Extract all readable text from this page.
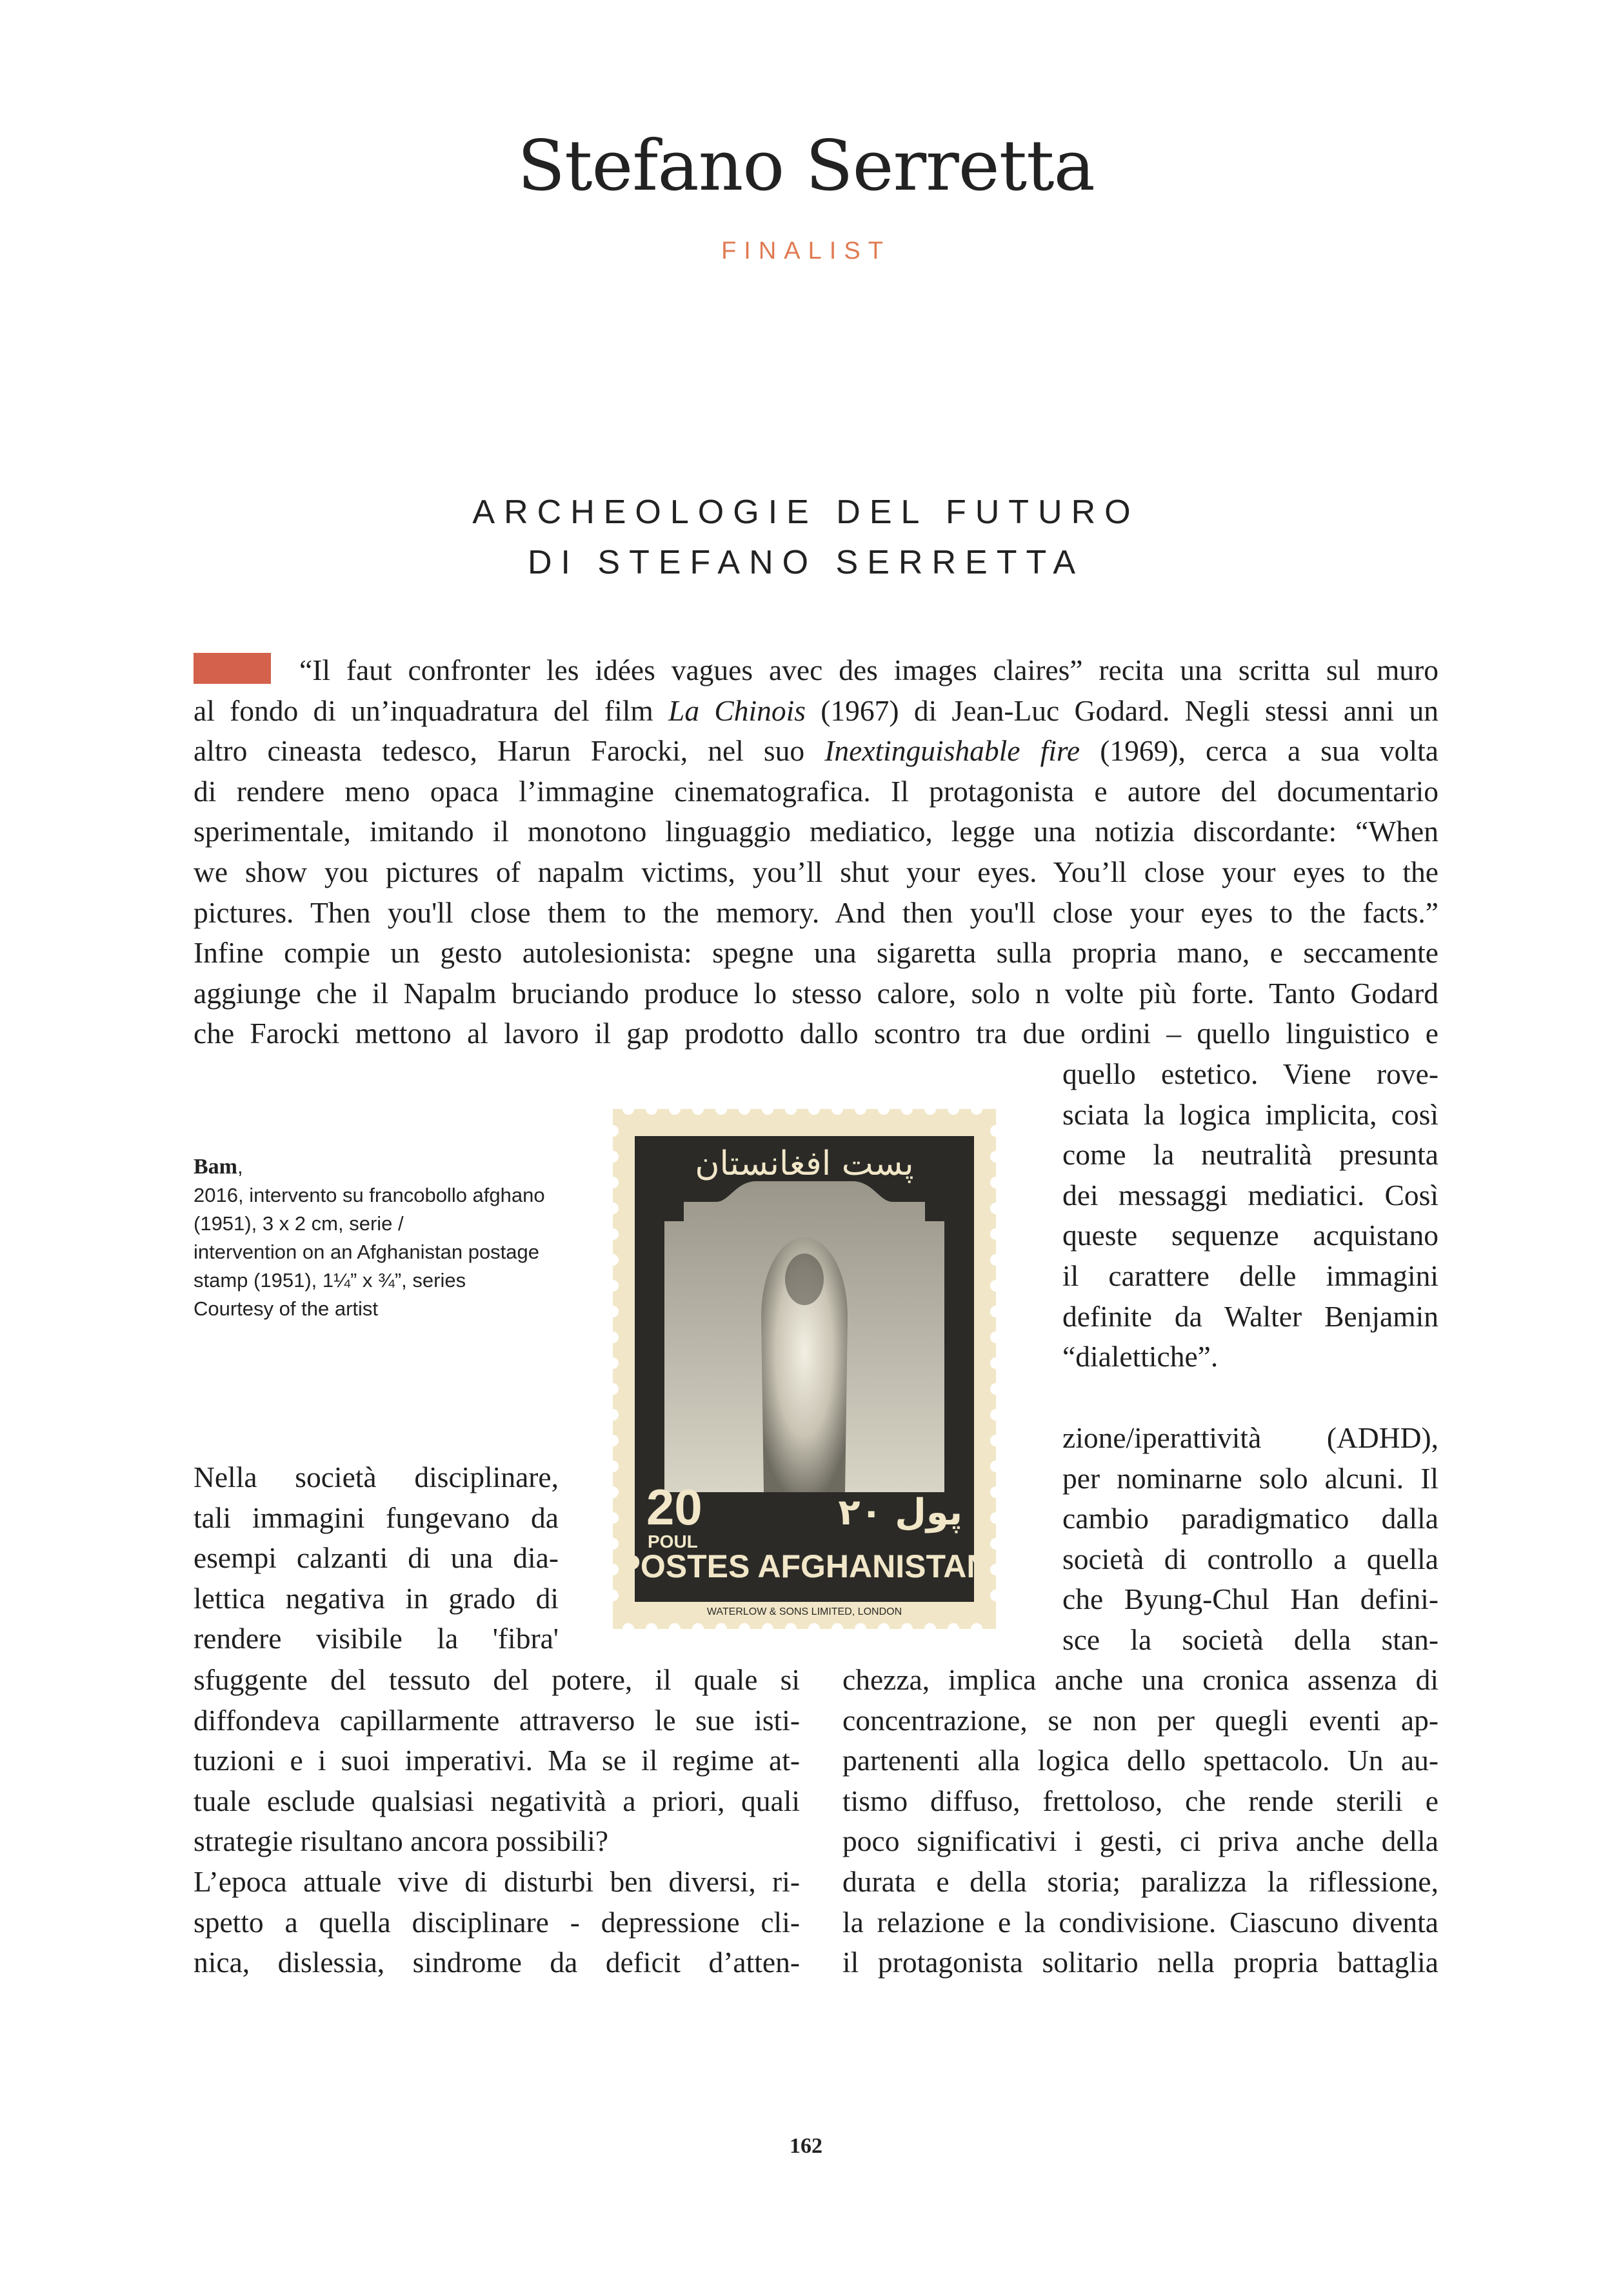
Stefano Serretta
FINALIST
ARCHEOLOGIE DEL FUTURO
DI STEFANO SERRETTA
“Il faut confronter les idées vagues avec des images claires” recita una scritta sul muro
al fondo di un’inquadratura del film La Chinois (1967) di Jean-Luc Godard. Negli stessi anni un
altro cineasta tedesco, Harun Farocki, nel suo Inextinguishable fire (1969), cerca a sua volta
di rendere meno opaca l’immagine cinematografica. Il protagonista e autore del documentario
sperimentale, imitando il monotono linguaggio mediatico, legge una notizia discordante: “When
we show you pictures of napalm victims, you’ll shut your eyes. You’ll close your eyes to the
pictures. Then you'll close them to the memory. And then you'll close your eyes to the facts.”
Infine compie un gesto autolesionista: spegne una sigaretta sulla propria mano, e seccamente
aggiunge che il Napalm bruciando produce lo stesso calore, solo n volte più forte. Tanto Godard
che Farocki mettono al lavoro il gap prodotto dallo scontro tra due ordini – quello linguistico e
quello estetico. Viene rove-
sciata la logica implicita, così
come la neutralità presunta
dei messaggi mediatici. Così
queste sequenze acquistano
il carattere delle immagini
definite da Walter Benjamin
“dialettiche”.
Bam,
2016, intervento su francobollo afghano
(1951), 3 x 2 cm, serie /
intervention on an Afghanistan postage
stamp (1951), 1¼” x ¾”, series
Courtesy of the artist
پست افغانستان
20	۲۰ پول
POUL
POSTES AFGHANISTAN
WATERLOW & SONS LIMITED, LONDON
Nella società disciplinare,
tali immagini fungevano da
esempi calzanti di una dia-
lettica negativa in grado di
rendere visibile la 'fibra'
zione/iperattività (ADHD),
per nominarne solo alcuni. Il
cambio paradigmatico dalla
società di controllo a quella
che Byung-Chul Han defini-
sce la società della stan-
sfuggente del tessuto del potere, il quale si
diffondeva capillarmente attraverso le sue isti-
tuzioni e i suoi imperativi. Ma se il regime at-
tuale esclude qualsiasi negatività a priori, quali
strategie risultano ancora possibili?
L’epoca attuale vive di disturbi ben diversi, ri-
spetto a quella disciplinare - depressione cli-
nica, dislessia, sindrome da deficit d’atten-
chezza, implica anche una cronica assenza di
concentrazione, se non per quegli eventi ap-
partenenti alla logica dello spettacolo. Un au-
tismo diffuso, frettoloso, che rende sterili e
poco significativi i gesti, ci priva anche della
durata e della storia; paralizza la riflessione,
la relazione e la condivisione. Ciascuno diventa
il protagonista solitario nella propria battaglia
162
